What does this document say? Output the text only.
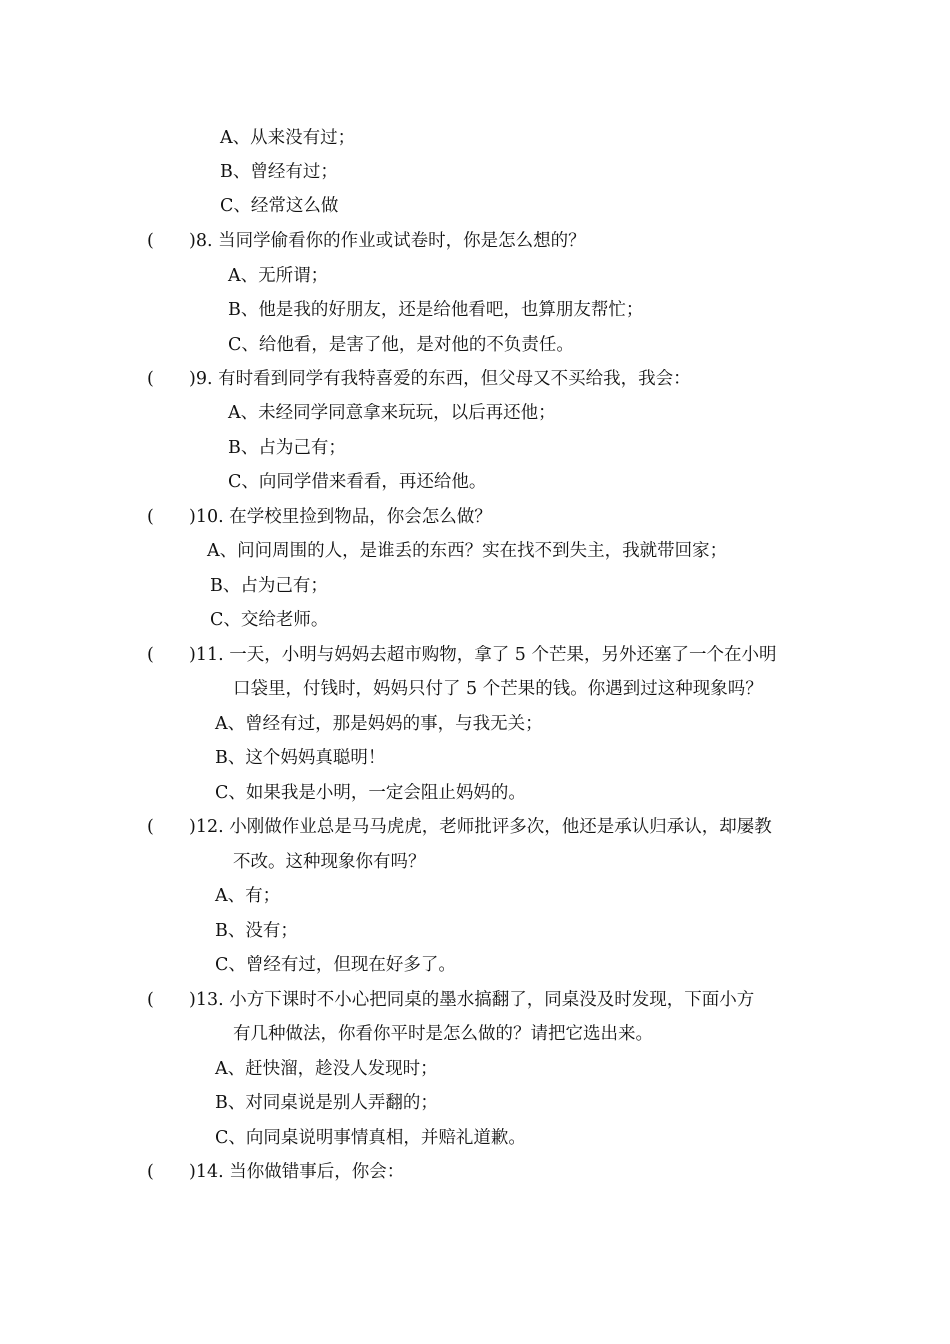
A、从来没有过；
B、曾经有过；
C、经常这么做
( )8. 当同学偷看你的作业或试卷时，你是怎么想的？
A、无所谓；
B、他是我的好朋友，还是给他看吧，也算朋友帮忙；
C、给他看，是害了他，是对他的不负责任。
( )9. 有时看到同学有我特喜爱的东西，但父母又不买给我，我会：
A、未经同学同意拿来玩玩，以后再还他；
B、占为己有；
C、向同学借来看看，再还给他。
( )10. 在学校里捡到物品，你会怎么做？
A、问问周围的人，是谁丢的东西？实在找不到失主，我就带回家；
B、占为己有；
C、交给老师。
( )11. 一天，小明与妈妈去超市购物，拿了 5 个芒果，另外还塞了一个在小明
口袋里，付钱时，妈妈只付了 5 个芒果的钱。你遇到过这种现象吗？
A、曾经有过，那是妈妈的事，与我无关；
B、这个妈妈真聪明！
C、如果我是小明，一定会阻止妈妈的。
( )12. 小刚做作业总是马马虎虎，老师批评多次，他还是承认归承认，却屡教
不改。这种现象你有吗？
A、有；
B、没有；
C、曾经有过，但现在好多了。
( )13. 小方下课时不小心把同桌的墨水搞翻了，同桌没及时发现，下面小方
有几种做法，你看你平时是怎么做的？请把它选出来。
A、赶快溜，趁没人发现时；
B、对同桌说是别人弄翻的；
C、向同桌说明事情真相，并赔礼道歉。
( )14. 当你做错事后，你会：
